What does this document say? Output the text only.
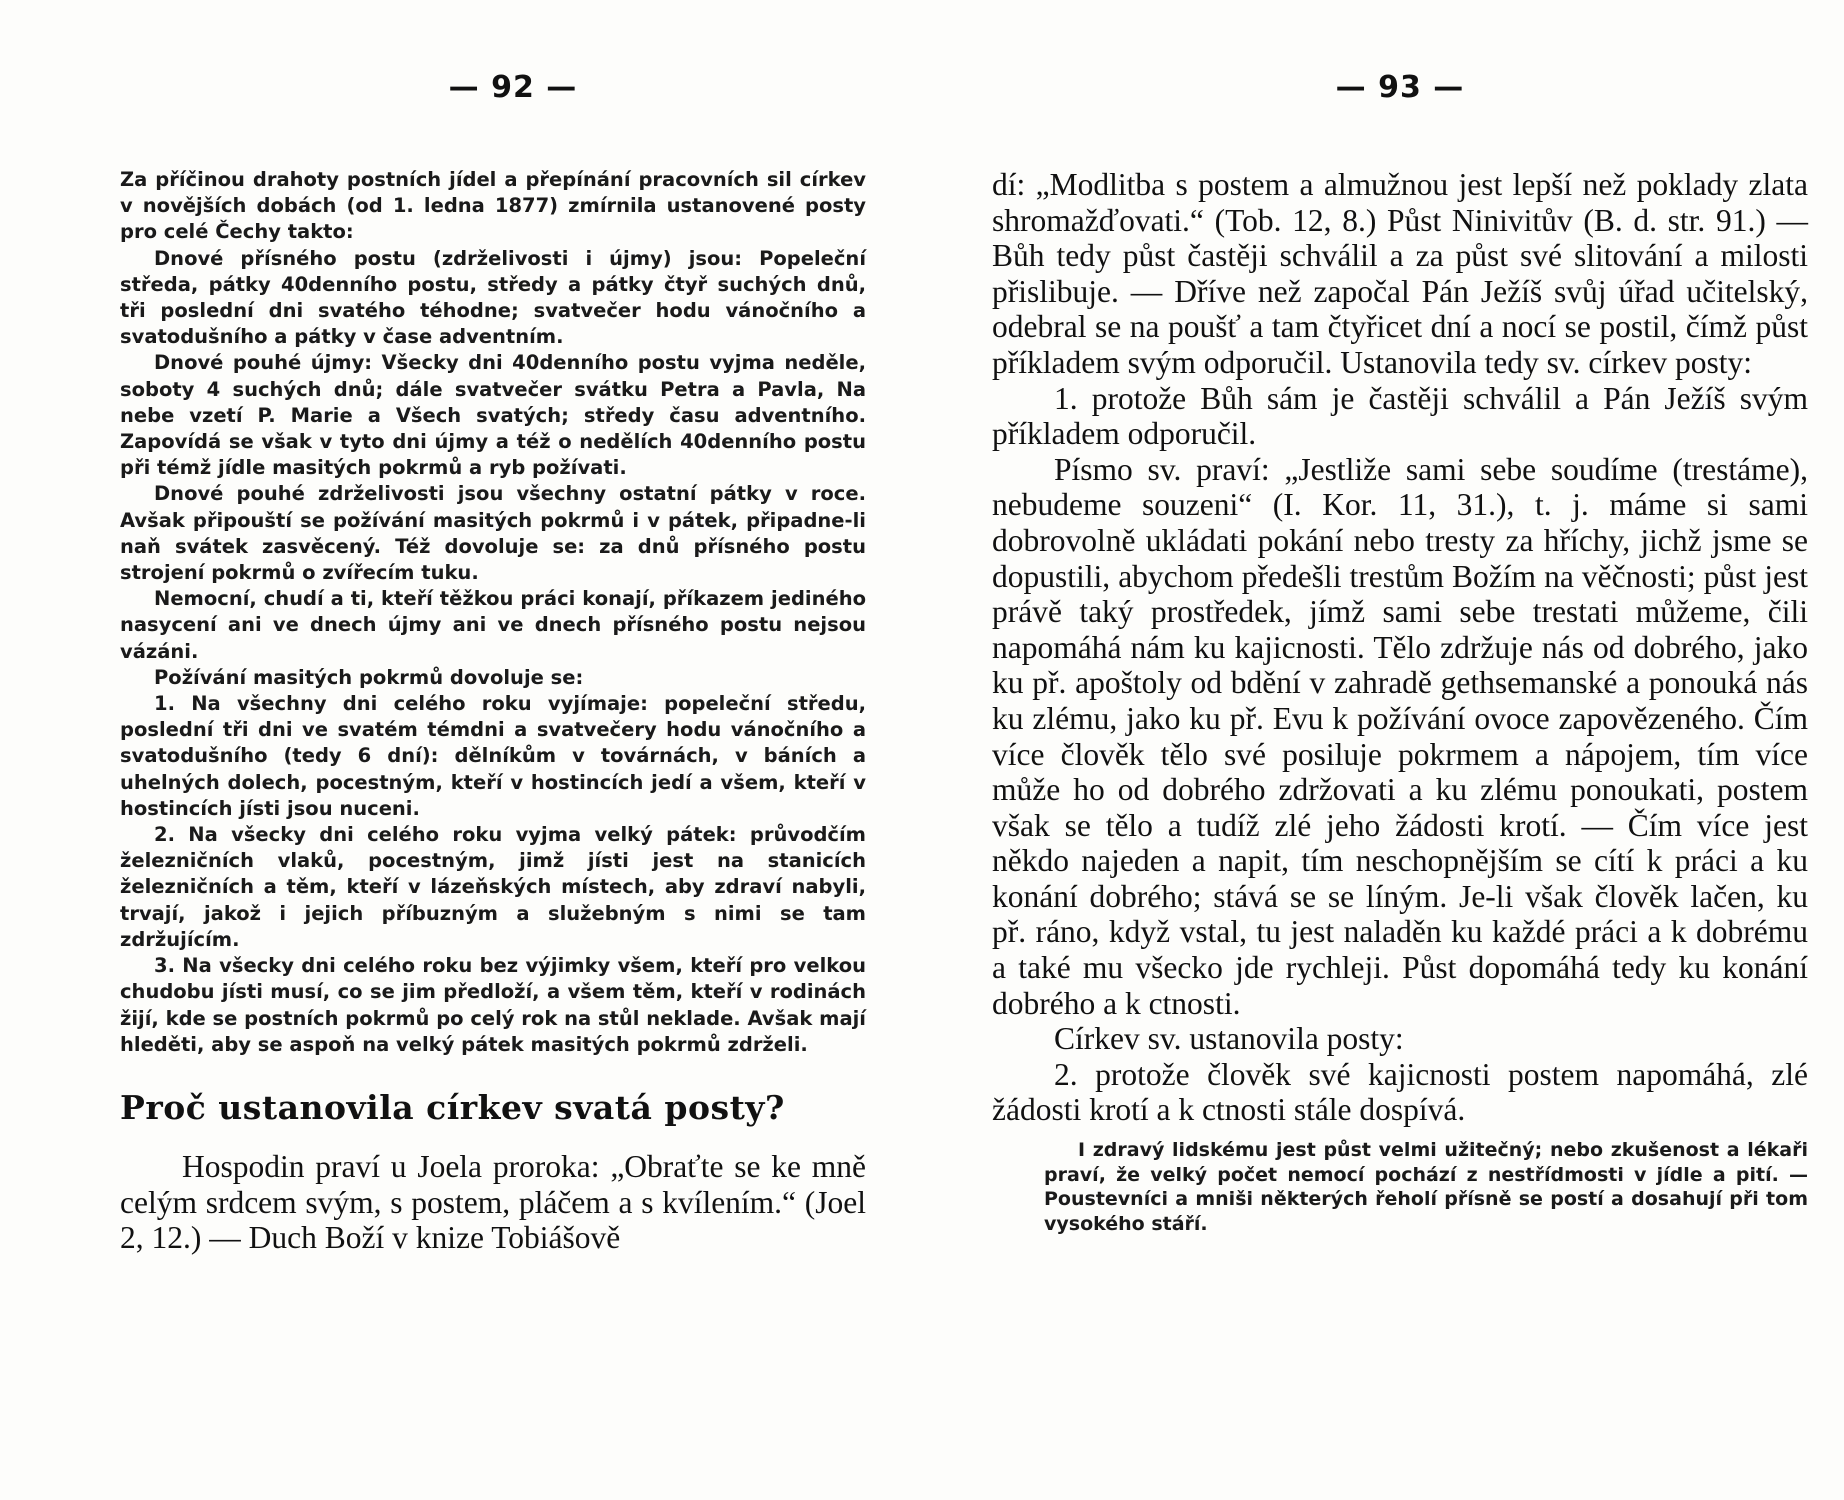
— 92 —

Za příčinou drahoty postních jídel a přepínání pracovních sil církev v novějších dobách (od 1. ledna 1877) zmírnila ustanovené posty pro celé Čechy takto:

Dnové přísného postu (zdrželivosti i újmy) jsou: Popeleční středa, pátky 40denního postu, středy a pátky čtyř suchých dnů, tři poslední dni svatého téhodne; svatvečer hodu vánočního a svatodušního a pátky v čase adventním.

Dnové pouhé újmy: Všecky dni 40denního postu vyjma neděle, soboty 4 suchých dnů; dále svatvečer svátku Petra a Pavla, Na nebe vzetí P. Marie a Všech svatých; středy času adventního. Zapovídá se však v tyto dni újmy a též o nedělích 40denního postu při témž jídle masitých pokrmů a ryb požívati.

Dnové pouhé zdrželivosti jsou všechny ostatní pátky v roce. Avšak připouští se požívání masitých pokrmů i v pátek, připadne-li naň svátek zasvěcený. Též dovoluje se: za dnů přísného postu strojení pokrmů o zvířecím tuku.

Nemocní, chudí a ti, kteří těžkou práci konají, příkazem jediného nasycení ani ve dnech újmy ani ve dnech přísného postu nejsou vázáni.

Požívání masitých pokrmů dovoluje se:

1. Na všechny dni celého roku vyjímaje: popeleční středu, poslední tři dni ve svatém témdni a svatvečery hodu vánočního a svatodušního (tedy 6 dní): dělníkům v továrnách, v báních a uhelných dolech, pocestným, kteří v hostincích jedí a všem, kteří v hostincích jísti jsou nuceni.

2. Na všecky dni celého roku vyjma velký pátek: průvodčím železničních vlaků, pocestným, jimž jísti jest na stanicích železničních a těm, kteří v lázeňských místech, aby zdraví nabyli, trvají, jakož i jejich příbuzným a služebným s nimi se tam zdržujícím.

3. Na všecky dni celého roku bez výjimky všem, kteří pro velkou chudobu jísti musí, co se jim předloží, a všem těm, kteří v rodinách žijí, kde se postních pokrmů po celý rok na stůl neklade. Avšak mají hleděti, aby se aspoň na velký pátek masitých pokrmů zdrželi.

Proč ustanovila církev svatá posty?

Hospodin praví u Joela proroka: „Obraťte se ke mně celým srdcem svým, s postem, pláčem a s kvílením.“ (Joel 2, 12.) — Duch Boží v knize Tobiášově

— 93 —

dí: „Modlitba s postem a almužnou jest lepší než poklady zlata shromažďovati.“ (Tob. 12, 8.) Půst Ninivitův (B. d. str. 91.) — Bůh tedy půst častěji schválil a za půst své slitování a milosti přislibuje. — Dříve než započal Pán Ježíš svůj úřad učitelský, odebral se na poušť a tam čtyřicet dní a nocí se postil, čímž půst příkladem svým odporučil. Ustanovila tedy sv. církev posty:

1. protože Bůh sám je častěji schválil a Pán Ježíš svým příkladem odporučil.

Písmo sv. praví: „Jestliže sami sebe soudíme (trestáme), nebudeme souzeni“ (I. Kor. 11, 31.), t. j. máme si sami dobrovolně ukládati pokání nebo tresty za hříchy, jichž jsme se dopustili, abychom předešli trestům Božím na věčnosti; půst jest právě taký prostředek, jímž sami sebe trestati můžeme, čili napomáhá nám ku kajicnosti. Tělo zdržuje nás od dobrého, jako ku př. apoštoly od bdění v zahradě gethsemanské a ponouká nás ku zlému, jako ku př. Evu k požívání ovoce zapovězeného. Čím více člověk tělo své posiluje pokrmem a nápojem, tím více může ho od dobrého zdržovati a ku zlému ponoukati, postem však se tělo a tudíž zlé jeho žádosti krotí. — Čím více jest někdo najeden a napit, tím neschopnějším se cítí k práci a ku konání dobrého; stává se se líným. Je-li však člověk lačen, ku př. ráno, když vstal, tu jest naladěn ku každé práci a k dobrému a také mu všecko jde rychleji. Půst dopomáhá tedy ku konání dobrého a k ctnosti.

Církev sv. ustanovila posty:

2. protože člověk své kajicnosti postem napomáhá, zlé žádosti krotí a k ctnosti stále dospívá.

I zdravý lidskému jest půst velmi užitečný; nebo zkušenost a lékaři praví, že velký počet nemocí pochází z nestřídmosti v jídle a pití. — Poustevníci a mniši některých řeholí přísně se postí a dosahují při tom vysokého stáří.
